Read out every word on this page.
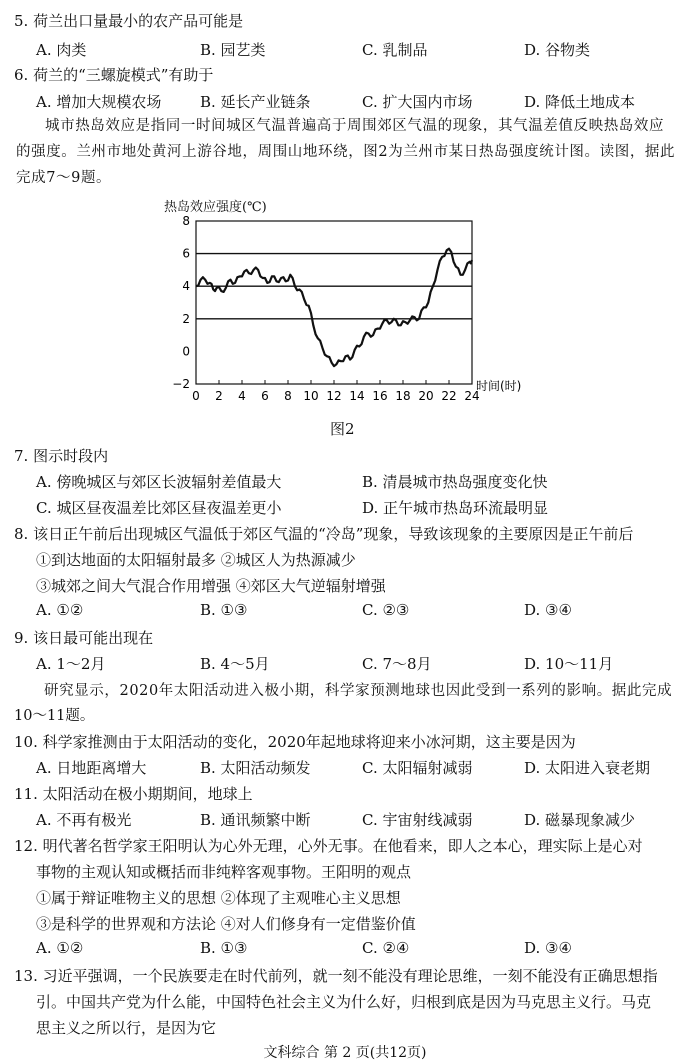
5. 荷兰出口量最小的农产品可能是
A. 肉类	B. 园艺类	C. 乳制品	D. 谷物类
6. 荷兰的“三螺旋模式”有助于
A. 增加大规模农场	B. 延长产业链条	C. 扩大国内市场	D. 降低土地成本
城市热岛效应是指同一时间城区气温普遍高于周围郊区气温的现象，其气温差值反映热岛效应的强度。兰州市地处黄河上游谷地，周围山地环绕，图2为兰州市某日热岛强度统计图。读图，据此完成7～9题。
热岛效应强度(℃)
−2
0
2
4
6
8
0 2 4 6 8 10 12 14 16 18 20 22 24
时间(时)
图2
7. 图示时段内
A. 傍晚城区与郊区长波辐射差值最大	B. 清晨城市热岛强度变化快
C. 城区昼夜温差比郊区昼夜温差更小	D. 正午城市热岛环流最明显
8. 该日正午前后出现城区气温低于郊区气温的“冷岛”现象，导致该现象的主要原因是正午前后
①到达地面的太阳辐射最多 ②城区人为热源减少
③城郊之间大气混合作用增强 ④郊区大气逆辐射增强
A. ①②	B. ①③	C. ②③	D. ③④
9. 该日最可能出现在
A. 1～2月	B. 4～5月	C. 7～8月	D. 10～11月
研究显示，2020年太阳活动进入极小期，科学家预测地球也因此受到一系列的影响。据此完成
10～11题。
10. 科学家推测由于太阳活动的变化，2020年起地球将迎来小冰河期，这主要是因为
A. 日地距离增大	B. 太阳活动频发	C. 太阳辐射减弱	D. 太阳进入衰老期
11. 太阳活动在极小期期间，地球上
A. 不再有极光	B. 通讯频繁中断	C. 宇宙射线减弱	D. 磁暴现象减少
12. 明代著名哲学家王阳明认为心外无理，心外无事。在他看来，即人之本心，理实际上是心对
事物的主观认知或概括而非纯粹客观事物。王阳明的观点
①属于辩证唯物主义的思想 ②体现了主观唯心主义思想
③是科学的世界观和方法论 ④对人们修身有一定借鉴价值
A. ①②	B. ①③	C. ②④	D. ③④
13. 习近平强调，一个民族要走在时代前列，就一刻不能没有理论思维，一刻不能没有正确思想指
引。中国共产党为什么能，中国特色社会主义为什么好，归根到底是因为马克思主义行。马克
思主义之所以行，是因为它
文科综合 第 2 页(共12页)
